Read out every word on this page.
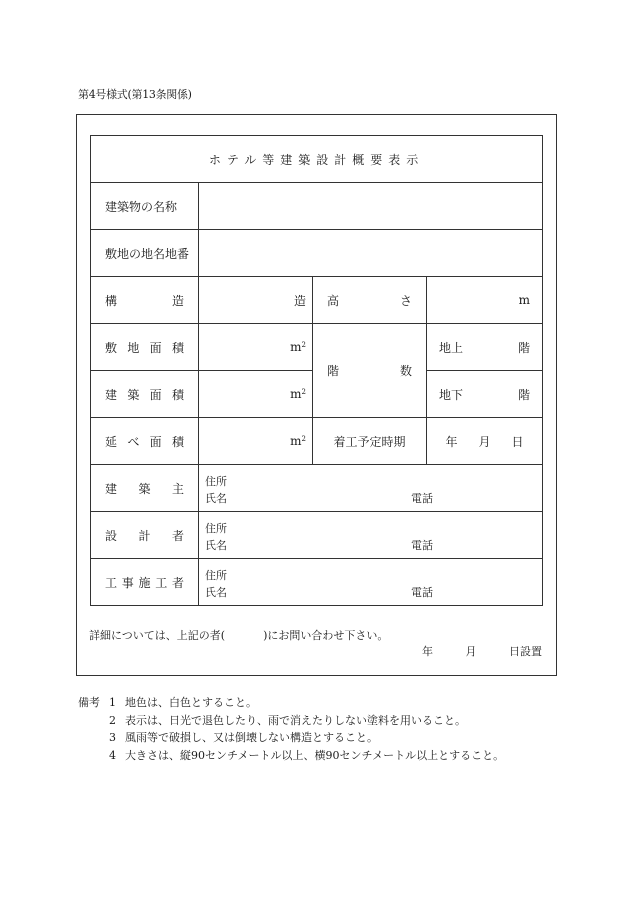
第4号様式(第13条関係)
ホテル等建築設計概要表示			
建築物の名称			
敷地の地名地番			

構 造	造	高 さ	m

敷 地 面 積	$m^2$	階 数	地上 階

建 築 面 積	$m^2$		地下 階

延 べ 面 積	$m^2$	着工予定時期	年 月 日

建 築 主	住所
氏名 電話		

設 計 者	住所
氏名 電話		

工 事 施 工 者	住所
氏名 電話		
詳細については、上記の者(	)にお問い合わせ下さい。
年	月	日設置
備考 1 地色は、白色とすること。
2 表示は、日光で退色したり、雨で消えたりしない塗料を用いること。
3 風雨等で破損し、又は倒壊しない構造とすること。
4 大きさは、縦90センチメートル以上、横90センチメートル以上とすること。
